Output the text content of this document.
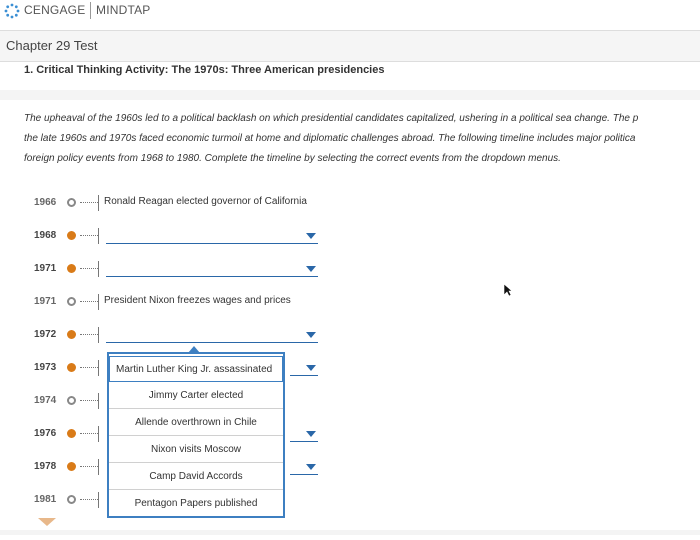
CENGAGE MINDTAP
Chapter 29 Test
1. Critical Thinking Activity: The 1970s: Three American presidencies
The upheaval of the 1960s led to a political backlash on which presidential candidates capitalized, ushering in a political sea change. The p
the late 1960s and 1970s faced economic turmoil at home and diplomatic challenges abroad. The following timeline includes major politica
foreign policy events from 1968 to 1980. Complete the timeline by selecting the correct events from the dropdown menus.
1966	Ronald Reagan elected governor of California
1968
1971
1971	President Nixon freezes wages and prices
1972
1973
1974
1976
1978
1981
Martin Luther King Jr. assassinated
Jimmy Carter elected
Allende overthrown in Chile
Nixon visits Moscow
Camp David Accords
Pentagon Papers published
